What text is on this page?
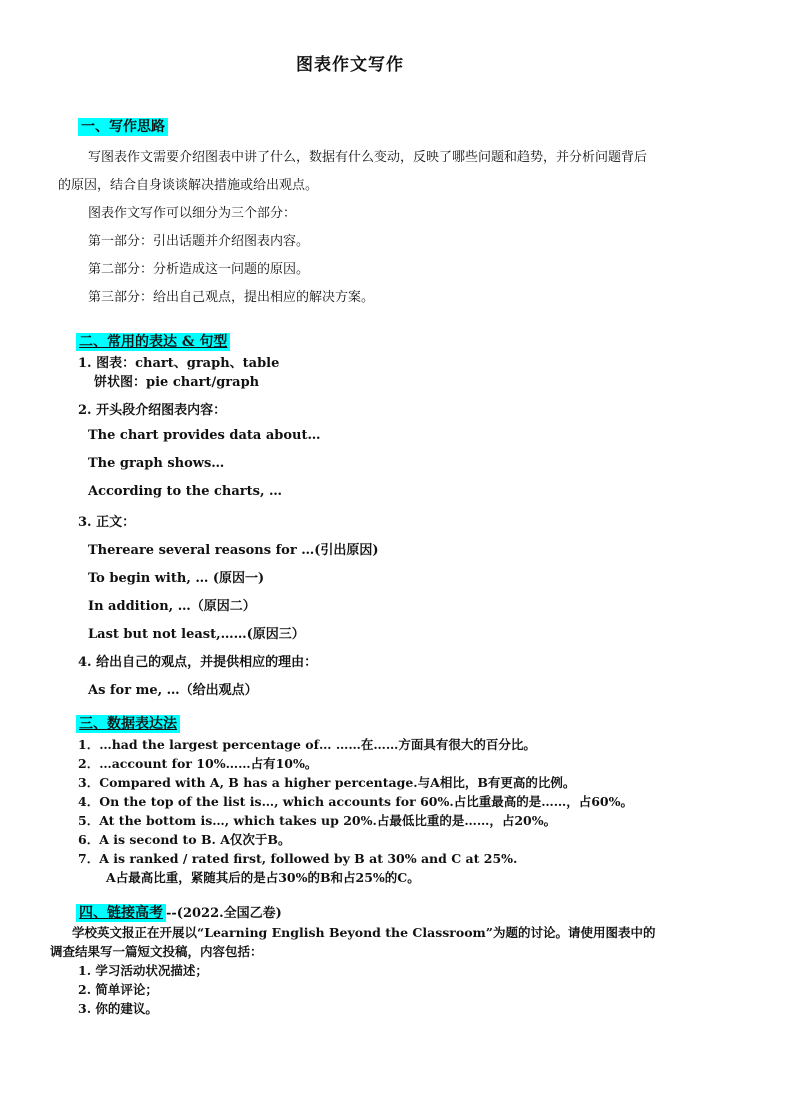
图表作文写作
一、写作思路
写图表作文需要介绍图表中讲了什么，数据有什么变动，反映了哪些问题和趋势，并分析问题背后
的原因，结合自身谈谈解决措施或给出观点。
图表作文写作可以细分为三个部分：
第一部分：引出话题并介绍图表内容。
第二部分：分析造成这一问题的原因。
第三部分：给出自己观点，提出相应的解决方案。
二、常用的表达 & 句型
1. 图表：chart、graph、table
饼状图：pie chart/graph
2. 开头段介绍图表内容：
The chart provides data about…
The graph shows…
According to the charts, …
3. 正文：
Thereare several reasons for …(引出原因)
To begin with, … (原因一)
In addition, …（原因二）
Last but not least,……(原因三）
4. 给出自己的观点，并提供相应的理由：
As for me, …（给出观点）
三、数据表达法
1．…had the largest percentage of… ……在……方面具有很大的百分比。
2．…account for 10%……占有10%。
3．Compared with A, B has a higher percentage.与A相比，B有更高的比例。
4．On the top of the list is…, which accounts for 60%.占比重最高的是……，占60%。
5．At the bottom is…, which takes up 20%.占最低比重的是……，占20%。
6．A is second to B. A仅次于B。
7．A is ranked / rated first, followed by B at 30% and C at 25%.
A占最高比重，紧随其后的是占30%的B和占25%的C。
四、链接高考 --(2022.全国乙卷)
学校英文报正在开展以“Learning English Beyond the Classroom”为题的讨论。请使用图表中的
调查结果写一篇短文投稿，内容包括：
1. 学习活动状况描述；
2. 简单评论；
3. 你的建议。
